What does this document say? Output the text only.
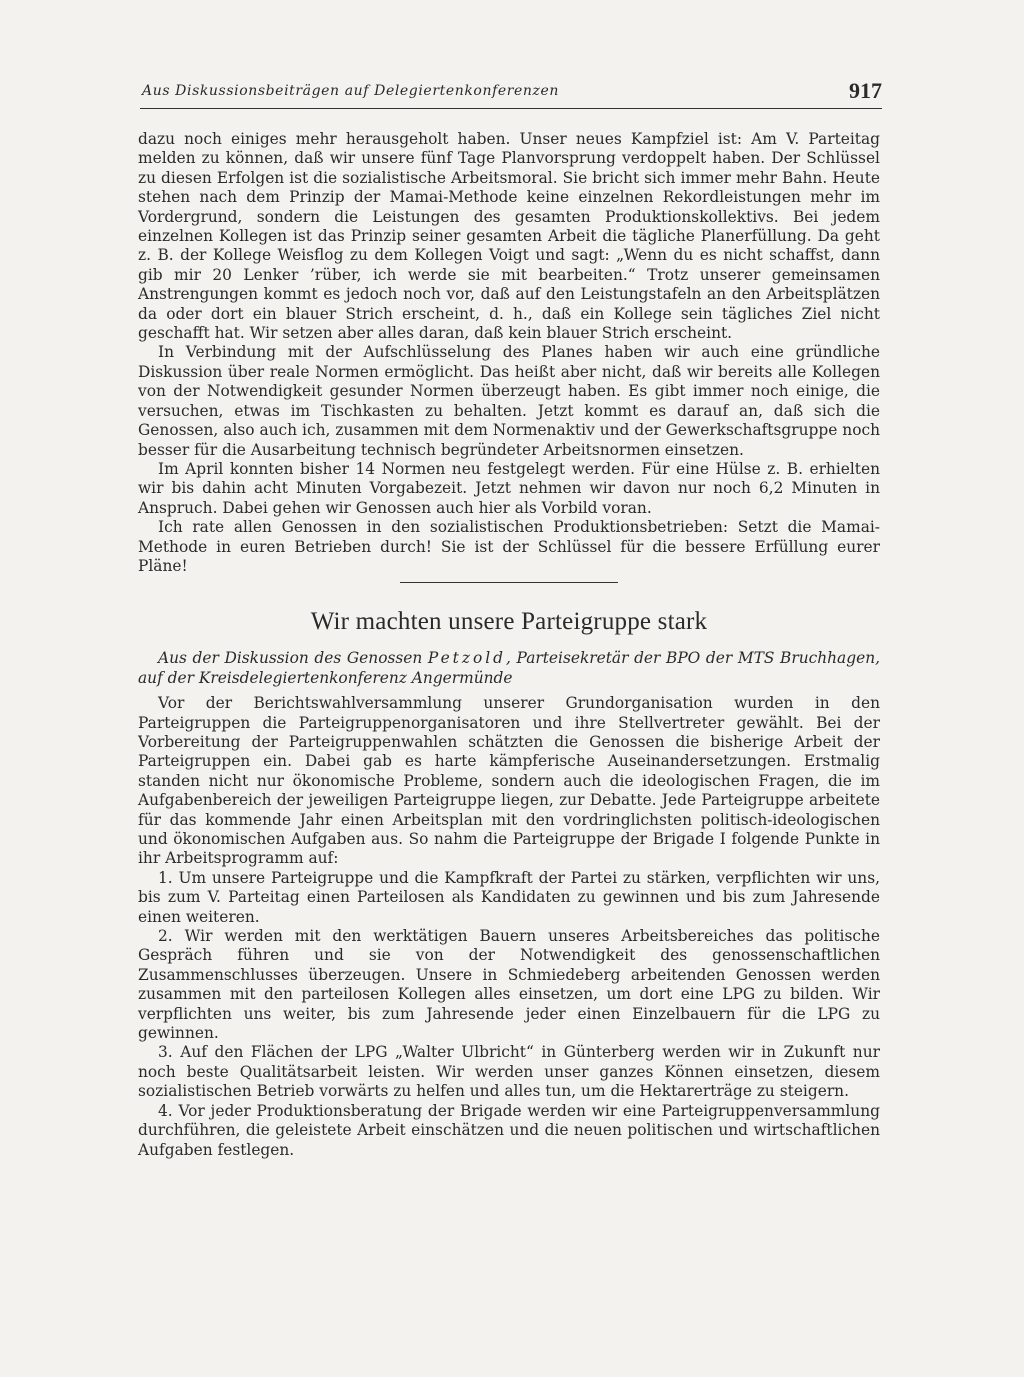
Aus Diskussionsbeiträgen auf Delegiertenkonferenzen	917

dazu noch einiges mehr herausgeholt haben. Unser neues Kampfziel ist: Am V. Parteitag melden zu können, daß wir unsere fünf Tage Planvorsprung verdoppelt haben. Der Schlüssel zu diesen Erfolgen ist die sozialistische Arbeitsmoral. Sie bricht sich immer mehr Bahn. Heute stehen nach dem Prinzip der Mamai-Methode keine einzelnen Rekordleistungen mehr im Vordergrund, sondern die Leistungen des gesamten Produktionskollektivs. Bei jedem einzelnen Kollegen ist das Prinzip seiner gesamten Arbeit die tägliche Planerfüllung. Da geht z. B. der Kollege Weisflog zu dem Kollegen Voigt und sagt: „Wenn du es nicht schaffst, dann gib mir 20 Lenker ’rüber, ich werde sie mit bearbeiten.“ Trotz unserer gemeinsamen Anstrengungen kommt es jedoch noch vor, daß auf den Leistungstafeln an den Arbeitsplätzen da oder dort ein blauer Strich erscheint, d. h., daß ein Kollege sein tägliches Ziel nicht geschafft hat. Wir setzen aber alles daran, daß kein blauer Strich erscheint.

In Verbindung mit der Aufschlüsselung des Planes haben wir auch eine gründliche Diskussion über reale Normen ermöglicht. Das heißt aber nicht, daß wir bereits alle Kollegen von der Notwendigkeit gesunder Normen überzeugt haben. Es gibt immer noch einige, die versuchen, etwas im Tischkasten zu behalten. Jetzt kommt es darauf an, daß sich die Genossen, also auch ich, zusammen mit dem Normenaktiv und der Gewerkschaftsgruppe noch besser für die Ausarbeitung technisch begründeter Arbeitsnormen einsetzen.

Im April konnten bisher 14 Normen neu festgelegt werden. Für eine Hülse z. B. erhielten wir bis dahin acht Minuten Vorgabezeit. Jetzt nehmen wir davon nur noch 6,2 Minuten in Anspruch. Dabei gehen wir Genossen auch hier als Vorbild voran.

Ich rate allen Genossen in den sozialistischen Produktionsbetrieben: Setzt die Mamai-Methode in euren Betrieben durch! Sie ist der Schlüssel für die bessere Erfüllung eurer Pläne!

Wir machten unsere Parteigruppe stark
Aus der Diskussion des Genossen Petzold, Parteisekretär der BPO der MTS Bruchhagen, auf der Kreisdelegiertenkonferenz Angermünde

Vor der Berichtswahlversammlung unserer Grundorganisation wurden in den Parteigruppen die Parteigruppenorganisatoren und ihre Stellvertreter gewählt. Bei der Vorbereitung der Parteigruppenwahlen schätzten die Genossen die bisherige Arbeit der Parteigruppen ein. Dabei gab es harte kämpferische Auseinandersetzungen. Erstmalig standen nicht nur ökonomische Probleme, sondern auch die ideologischen Fragen, die im Aufgabenbereich der jeweiligen Parteigruppe liegen, zur Debatte. Jede Parteigruppe arbeitete für das kommende Jahr einen Arbeitsplan mit den vordringlichsten politisch-ideologischen und ökonomischen Aufgaben aus. So nahm die Parteigruppe der Brigade I folgende Punkte in ihr Arbeitsprogramm auf:

1. Um unsere Parteigruppe und die Kampfkraft der Partei zu stärken, verpflichten wir uns, bis zum V. Parteitag einen Parteilosen als Kandidaten zu gewinnen und bis zum Jahresende einen weiteren.

2. Wir werden mit den werktätigen Bauern unseres Arbeitsbereiches das politische Gespräch führen und sie von der Notwendigkeit des genossenschaftlichen Zusammenschlusses überzeugen. Unsere in Schmiedeberg arbeitenden Genossen werden zusammen mit den parteilosen Kollegen alles einsetzen, um dort eine LPG zu bilden. Wir verpflichten uns weiter, bis zum Jahresende jeder einen Einzelbauern für die LPG zu gewinnen.

3. Auf den Flächen der LPG „Walter Ulbricht“ in Günterberg werden wir in Zukunft nur noch beste Qualitätsarbeit leisten. Wir werden unser ganzes Können einsetzen, diesem sozialistischen Betrieb vorwärts zu helfen und alles tun, um die Hektarerträge zu steigern.

4. Vor jeder Produktionsberatung der Brigade werden wir eine Parteigruppenversammlung durchführen, die geleistete Arbeit einschätzen und die neuen politischen und wirtschaftlichen Aufgaben festlegen.
